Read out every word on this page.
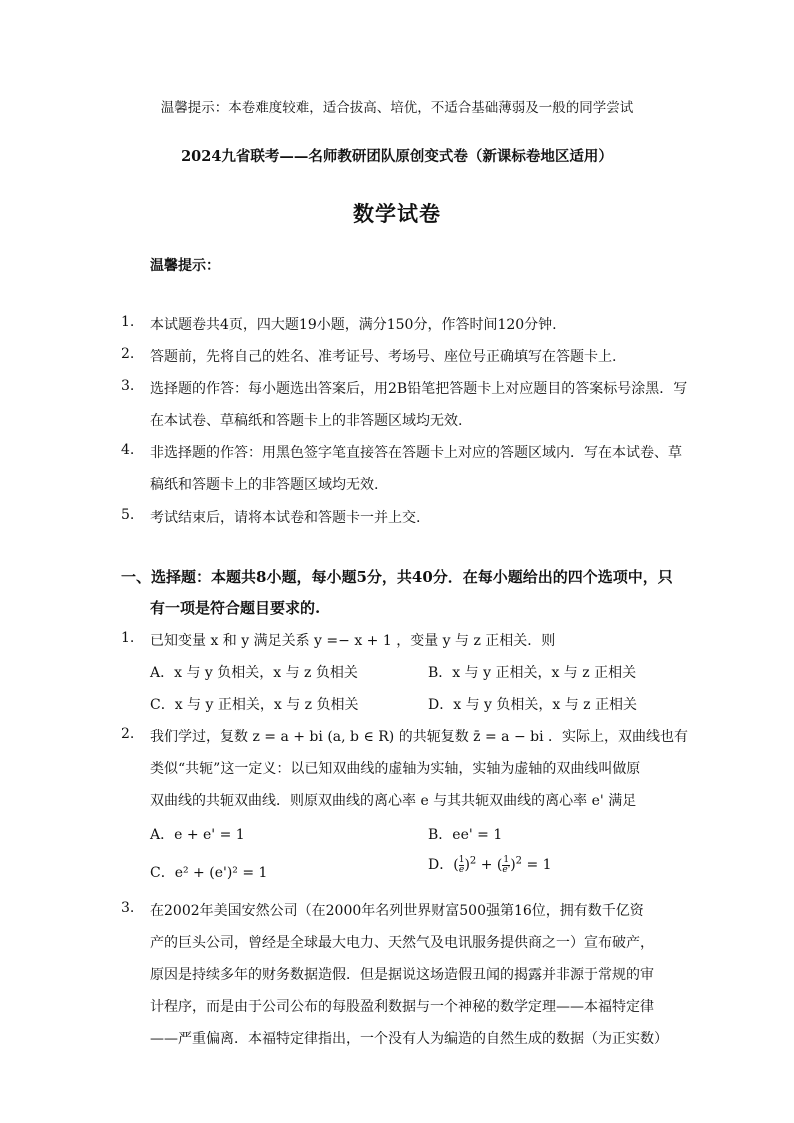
温馨提示：本卷难度较难，适合拔高、培优，不适合基础薄弱及一般的同学尝试
2024九省联考——名师教研团队原创变式卷（新课标卷地区适用）
数学试卷
温馨提示：
1. 本试题卷共4页，四大题19小题，满分150分，作答时间120分钟.
2. 答题前，先将自己的姓名、准考证号、考场号、座位号正确填写在答题卡上.
3. 选择题的作答：每小题选出答案后，用2B铅笔把答题卡上对应题目的答案标号涂黑．写
在本试卷、草稿纸和答题卡上的非答题区域均无效.
4. 非选择题的作答：用黑色签字笔直接答在答题卡上对应的答题区域内．写在本试卷、草
稿纸和答题卡上的非答题区域均无效.
5. 考试结束后，请将本试卷和答题卡一并上交.
一、选择题：本题共8小题，每小题5分，共40分．在每小题给出的四个选项中，只
有一项是符合题目要求的.
1. 已知变量 x 和 y 满足关系 y =− x + 1 ，变量 y 与 z 正相关．则
A．x 与 y 负相关，x 与 z 负相关	B．x 与 y 正相关，x 与 z 正相关
C．x 与 y 正相关，x 与 z 负相关	D．x 与 y 负相关，x 与 z 正相关
2. 我们学过，复数 z = a + bi (a, b ∈ R) 的共轭复数 z̄ = a − bi ．实际上，双曲线也有
类似“共轭”这一定义：以已知双曲线的虚轴为实轴，实轴为虚轴的双曲线叫做原
双曲线的共轭双曲线．则原双曲线的离心率 e 与其共轭双曲线的离心率 e' 满足
A．e + e' = 1	B．ee' = 1
C．e² + (e')² = 1	D．( $\frac{1}{e} )^2$ + ( $\frac{1}{e'} )^2 = 1$
3. 在2002年美国安然公司（在2000年名列世界财富500强第16位，拥有数千亿资
产的巨头公司，曾经是全球最大电力、天然气及电讯服务提供商之一）宣布破产，
原因是持续多年的财务数据造假．但是据说这场造假丑闻的揭露并非源于常规的审
计程序，而是由于公司公布的每股盈利数据与一个神秘的数学定理——本福特定律
——严重偏离．本福特定律指出，一个没有人为编造的自然生成的数据（为正实数）
